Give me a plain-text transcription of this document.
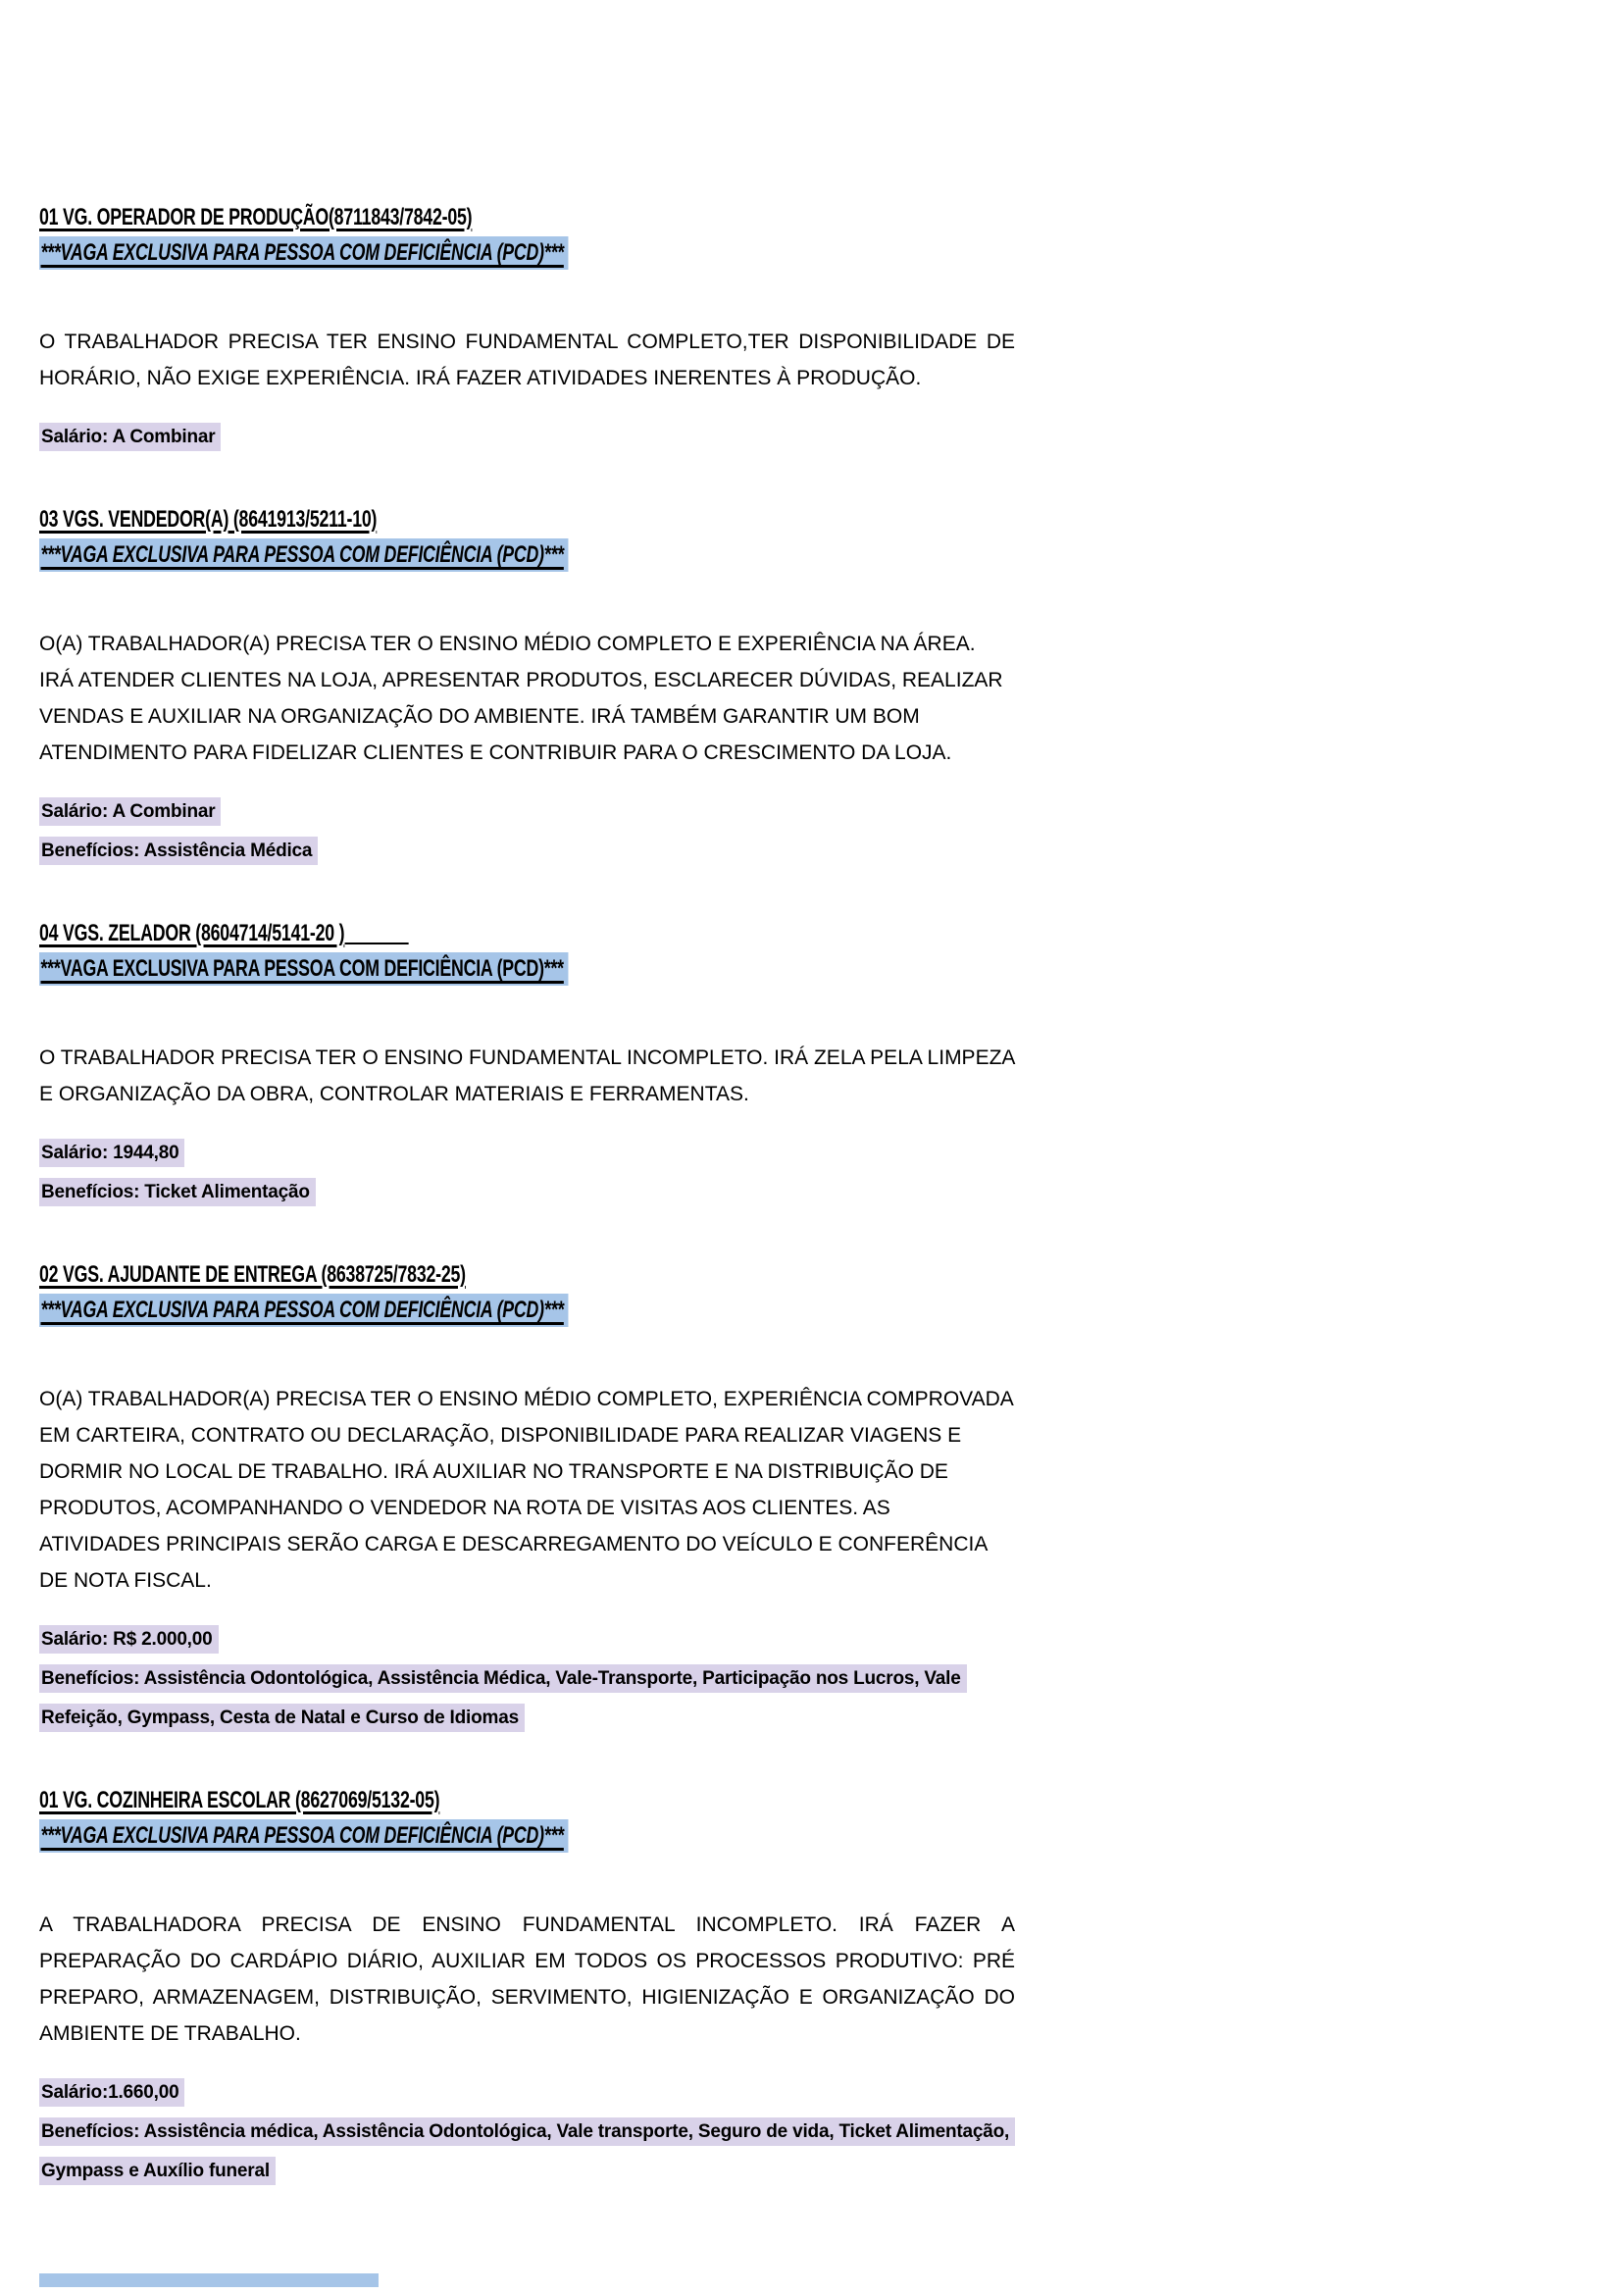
01 VG. OPERADOR DE PRODUÇÃO(8711843/7842-05)
***VAGA EXCLUSIVA PARA PESSOA COM DEFICIÊNCIA (PCD)***
O TRABALHADOR PRECISA TER ENSINO FUNDAMENTAL COMPLETO,TER DISPONIBILIDADE DE HORÁRIO, NÃO EXIGE EXPERIÊNCIA. IRÁ FAZER ATIVIDADES INERENTES À PRODUÇÃO.
Salário: A Combinar
03 VGS. VENDEDOR(A) (8641913/5211-10)
***VAGA EXCLUSIVA PARA PESSOA COM DEFICIÊNCIA (PCD)***
O(A) TRABALHADOR(A) PRECISA TER O ENSINO MÉDIO COMPLETO E EXPERIÊNCIA NA ÁREA. IRÁ ATENDER CLIENTES NA LOJA, APRESENTAR PRODUTOS, ESCLARECER DÚVIDAS, REALIZAR VENDAS E AUXILIAR NA ORGANIZAÇÃO DO AMBIENTE. IRÁ TAMBÉM GARANTIR UM BOM ATENDIMENTO PARA FIDELIZAR CLIENTES E CONTRIBUIR PARA O CRESCIMENTO DA LOJA.
Salário: A Combinar
Benefícios: Assistência Médica
04 VGS. ZELADOR (8604714/5141-20 )
***VAGA EXCLUSIVA PARA PESSOA COM DEFICIÊNCIA (PCD)***
O TRABALHADOR PRECISA TER O ENSINO FUNDAMENTAL INCOMPLETO. IRÁ ZELA PELA LIMPEZA E ORGANIZAÇÃO DA OBRA, CONTROLAR MATERIAIS E FERRAMENTAS.
Salário: 1944,80
Benefícios: Ticket Alimentação
02 VGS. AJUDANTE DE ENTREGA (8638725/7832-25)
***VAGA EXCLUSIVA PARA PESSOA COM DEFICIÊNCIA (PCD)***
O(A) TRABALHADOR(A) PRECISA TER O ENSINO MÉDIO COMPLETO, EXPERIÊNCIA COMPROVADA EM CARTEIRA, CONTRATO OU DECLARAÇÃO, DISPONIBILIDADE PARA REALIZAR VIAGENS E DORMIR NO LOCAL DE TRABALHO. IRÁ AUXILIAR NO TRANSPORTE E NA DISTRIBUIÇÃO DE PRODUTOS, ACOMPANHANDO O VENDEDOR NA ROTA DE VISITAS AOS CLIENTES. AS ATIVIDADES PRINCIPAIS SERÃO CARGA E DESCARREGAMENTO DO VEÍCULO E CONFERÊNCIA DE NOTA FISCAL.
Salário: R$ 2.000,00
Benefícios: Assistência Odontológica, Assistência Médica, Vale-Transporte, Participação nos Lucros, Vale Refeição, Gympass, Cesta de Natal e Curso de Idiomas
01 VG. COZINHEIRA ESCOLAR (8627069/5132-05)
***VAGA EXCLUSIVA PARA PESSOA COM DEFICIÊNCIA (PCD)***
A TRABALHADORA PRECISA DE ENSINO FUNDAMENTAL INCOMPLETO. IRÁ FAZER A PREPARAÇÃO DO CARDÁPIO DIÁRIO, AUXILIAR EM TODOS OS PROCESSOS PRODUTIVO: PRÉ PREPARO, ARMAZENAGEM, DISTRIBUIÇÃO, SERVIMENTO, HIGIENIZAÇÃO E ORGANIZAÇÃO DO AMBIENTE DE TRABALHO.
Salário:1.660,00
Benefícios: Assistência médica, Assistência Odontológica, Vale transporte, Seguro de vida, Ticket Alimentação, Gympass e Auxílio funeral
